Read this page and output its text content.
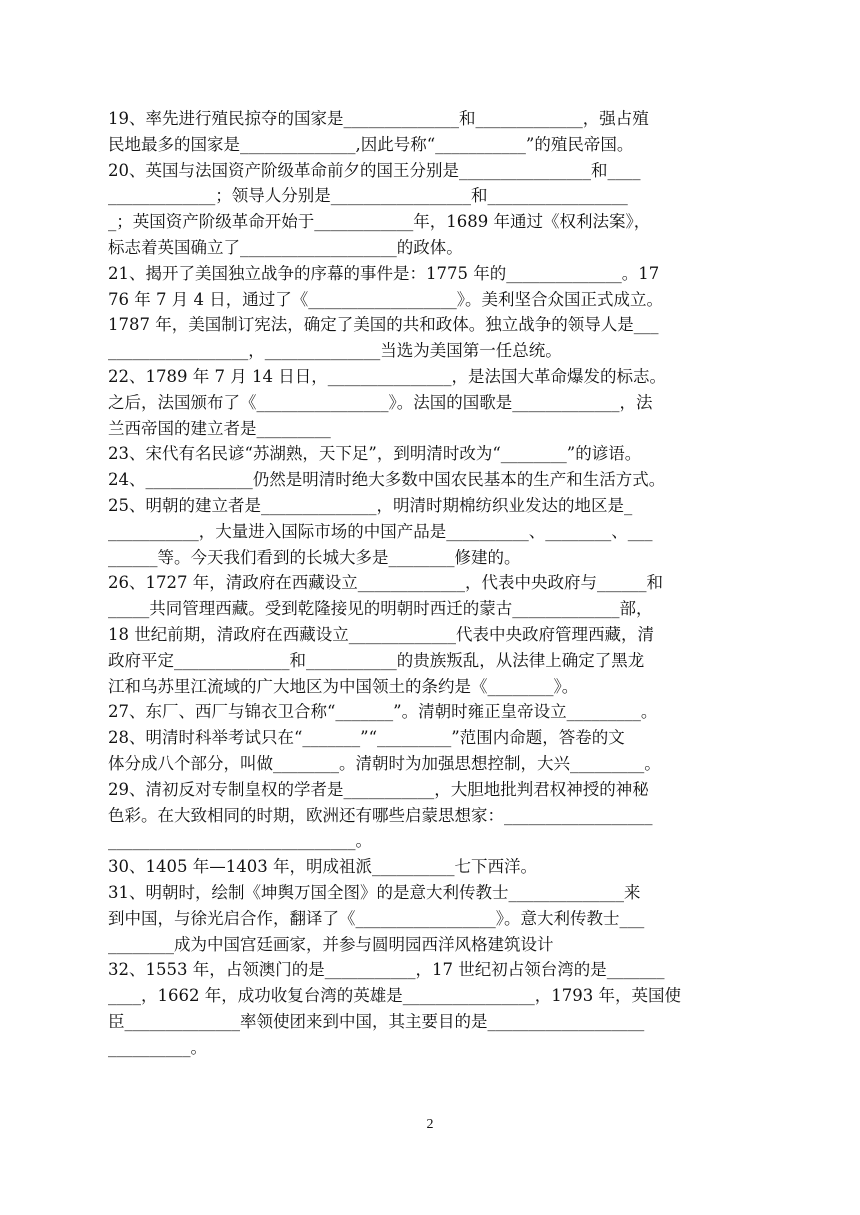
19、率先进行殖民掠夺的国家是______________和_____________，强占殖
民地最多的国家是______________,因此号称“___________”的殖民帝国。
20、英国与法国资产阶级革命前夕的国王分别是________________和____
_____________；领导人分别是_________________和_________________
_；英国资产阶级革命开始于____________年，1689 年通过《权利法案》，
标志着英国确立了___________________的政体。
21、揭开了美国独立战争的序幕的事件是：1775 年的______________。17
76 年 7 月 4 日，通过了《__________________》。美利坚合众国正式成立。
1787 年，美国制订宪法，确定了美国的共和政体。独立战争的领导人是___
_________________，______________当选为美国第一任总统。
22、1789 年 7 月 14 日日，_______________，是法国大革命爆发的标志。
之后，法国颁布了《________________》。法国的国歌是_____________，法
兰西帝国的建立者是_________
23、宋代有名民谚“苏湖熟，天下足”，到明清时改为“________”的谚语。
24、_____________仍然是明清时绝大多数中国农民基本的生产和生活方式。
25、明朝的建立者是______________，明清时期棉纺织业发达的地区是_
___________，大量进入国际市场的中国产品是__________、________、___
______等。今天我们看到的长城大多是________修建的。
26、1727 年，清政府在西藏设立_____________，代表中央政府与______和
_____共同管理西藏。受到乾隆接见的明朝时西迁的蒙古_____________部，
18 世纪前期，清政府在西藏设立_____________代表中央政府管理西藏，清
政府平定______________和___________的贵族叛乱，从法律上确定了黑龙
江和乌苏里江流域的广大地区为中国领土的条约是《________》。
27、东厂、西厂与锦衣卫合称“_______”。清朝时雍正皇帝设立_________。
28、明清时科举考试只在“_______”“_________”范围内命题，答卷的文
体分成八个部分，叫做________。清朝时为加强思想控制，大兴_________。
29、清初反对专制皇权的学者是___________，大胆地批判君权神授的神秘
色彩。在大致相同的时期，欧洲还有哪些启蒙思想家：__________________
______________________________。
30、1405 年—1403 年，明成祖派__________七下西洋。
31、明朝时，绘制《坤舆万国全图》的是意大利传教士______________来
到中国，与徐光启合作，翻译了《_________________》。意大利传教士___
________成为中国宫廷画家，并参与圆明园西洋风格建筑设计
32、1553 年，占领澳门的是___________，17 世纪初占领台湾的是_______
____，1662 年，成功收复台湾的英雄是________________，1793 年，英国使
臣______________率领使团来到中国，其主要目的是___________________
__________。
2
